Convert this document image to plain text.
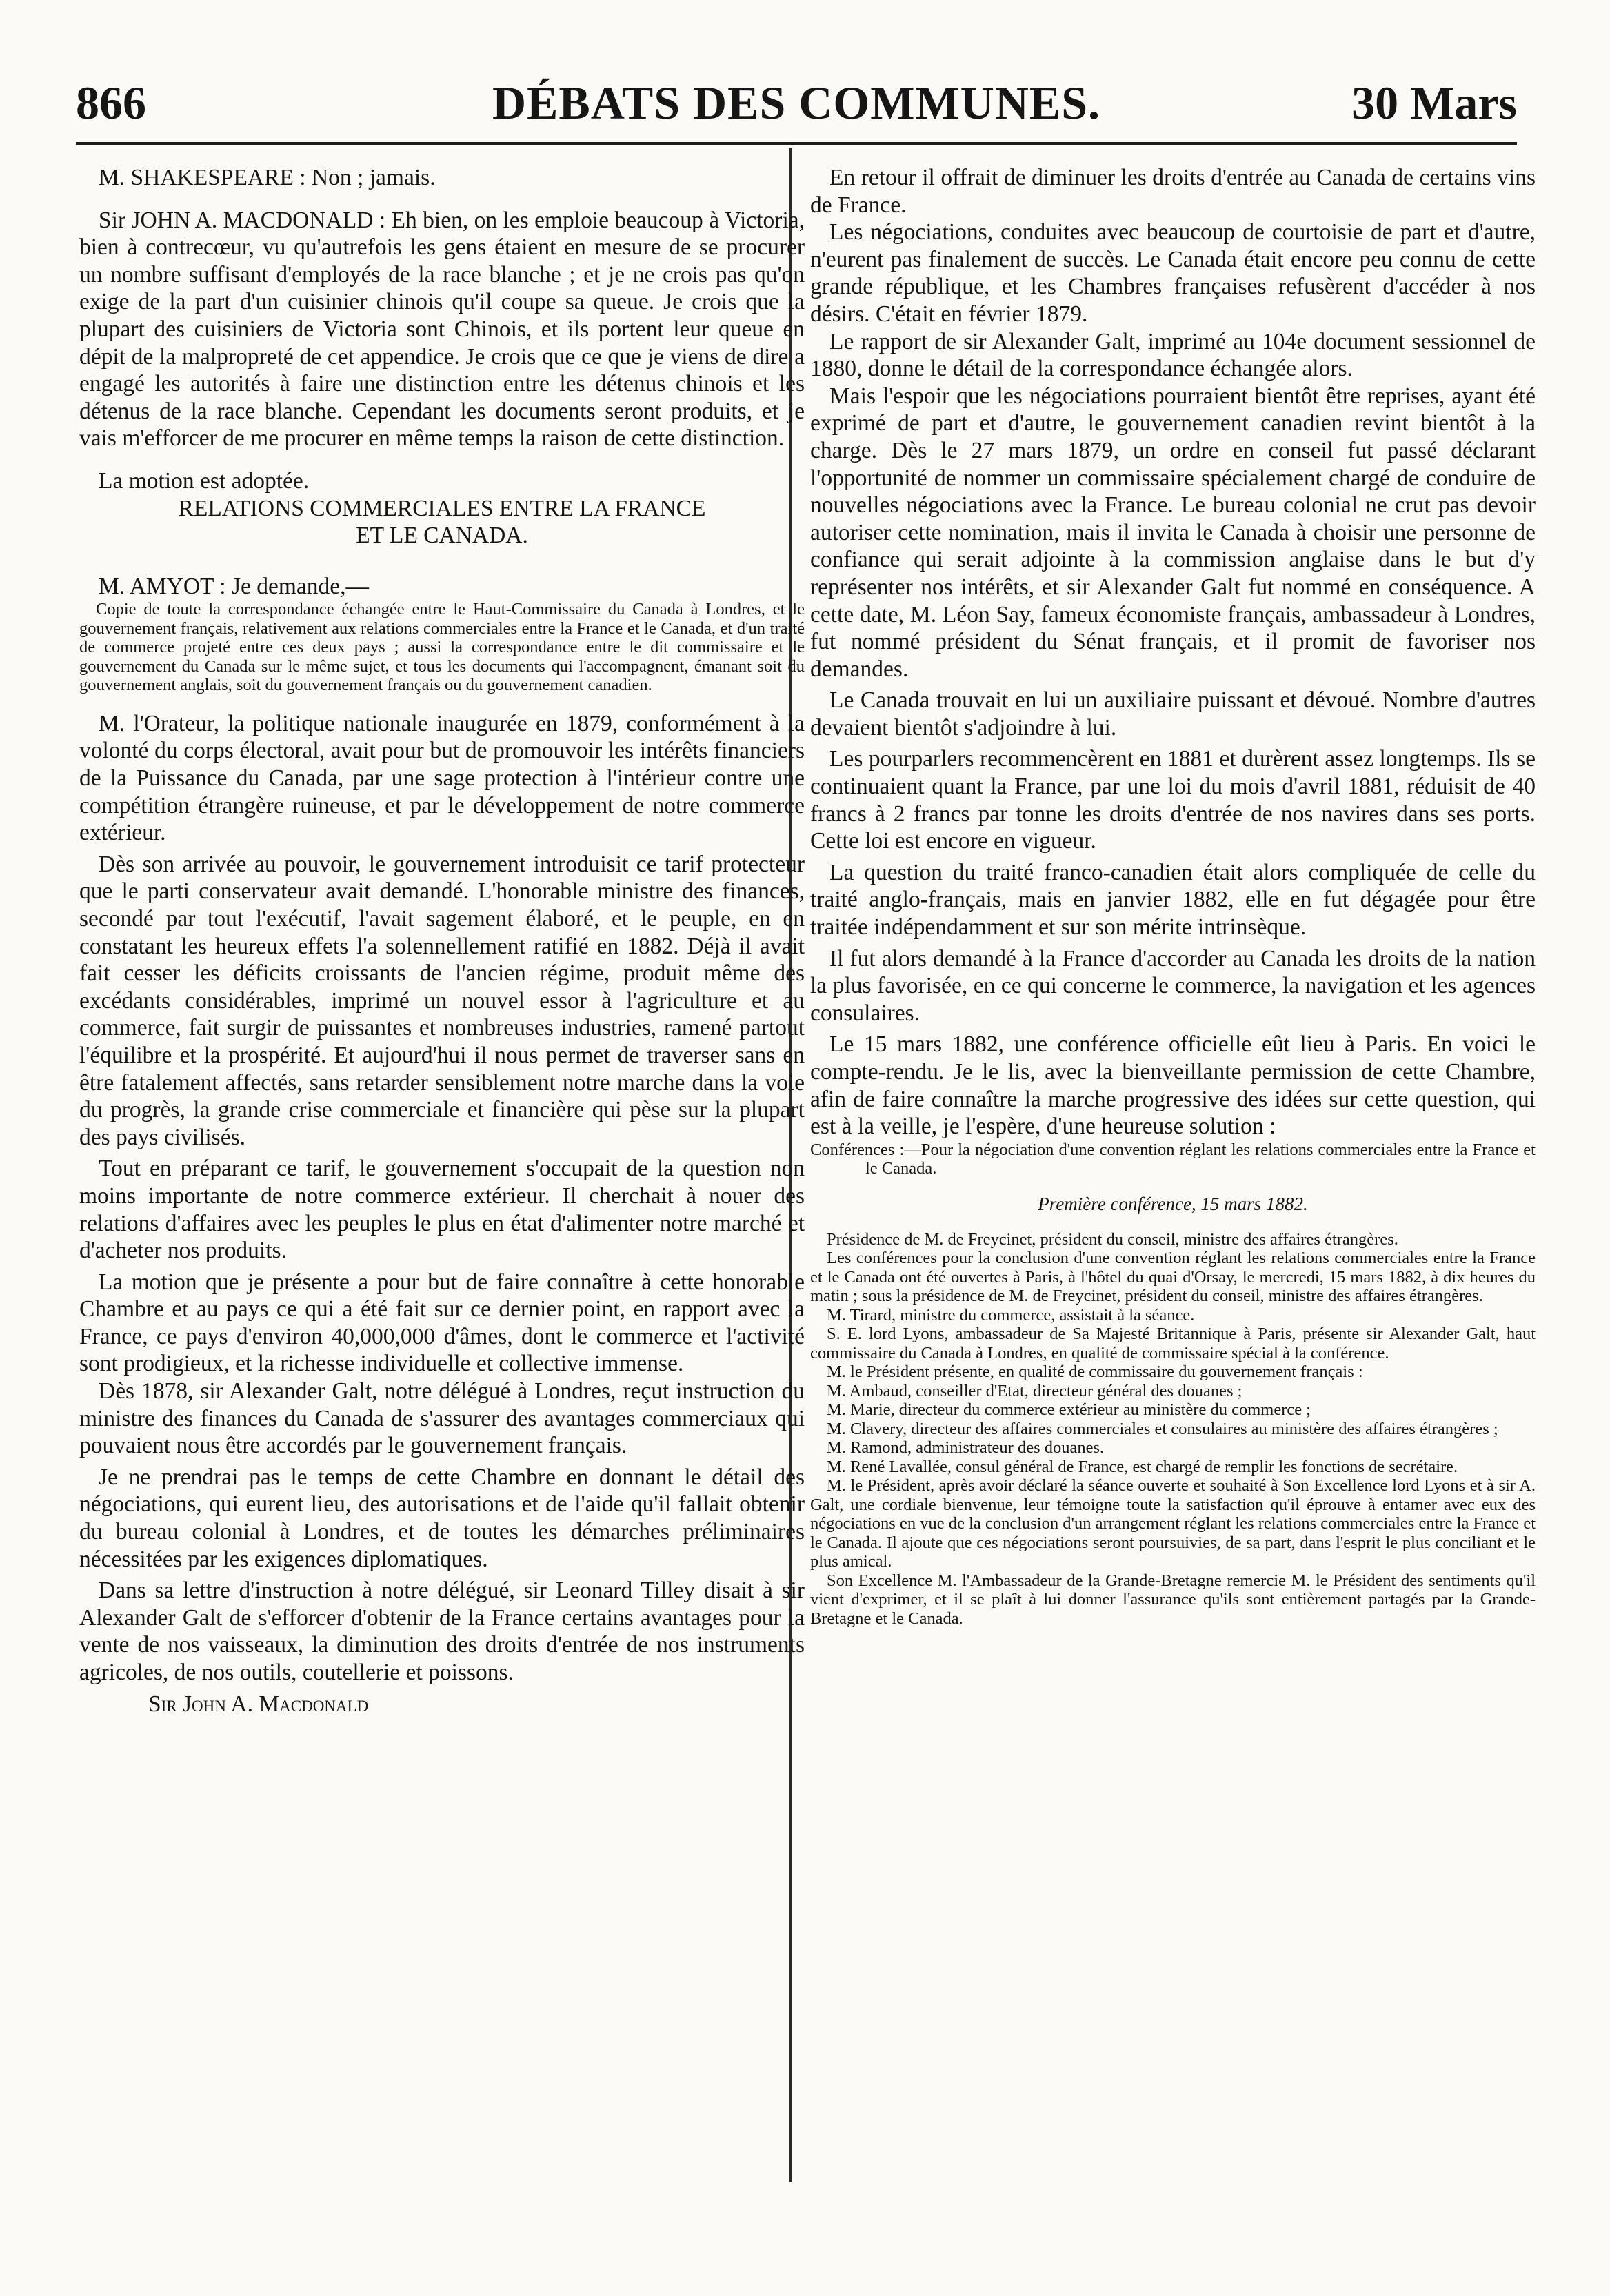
866	DÉBATS DES COMMUNES.	30 Mars

M. SHAKESPEARE : Non ; jamais.

Sir JOHN A. MACDONALD : Eh bien, on les emploie beaucoup à Victoria, bien à contrecœur, vu qu'autrefois les gens étaient en mesure de se procurer un nombre suffisant d'employés de la race blanche ; et je ne crois pas qu'on exige de la part d'un cuisinier chinois qu'il coupe sa queue. Je crois que la plupart des cuisiniers de Victoria sont Chinois, et ils portent leur queue en dépit de la malpropreté de cet appendice. Je crois que ce que je viens de dire a engagé les autorités à faire une distinction entre les détenus chinois et les détenus de la race blanche. Cependant les documents seront produits, et je vais m'efforcer de me procurer en même temps la raison de cette distinction.

La motion est adoptée.

RELATIONS COMMERCIALES ENTRE LA FRANCE

ET LE CANADA.

M. AMYOT : Je demande,—

Copie de toute la correspondance échangée entre le Haut-Commissaire du Canada à Londres, et le gouvernement français, relativement aux relations commerciales entre la France et le Canada, et d'un traité de commerce projeté entre ces deux pays ; aussi la correspondance entre le dit commissaire et le gouvernement du Canada sur le même sujet, et tous les documents qui l'accompagnent, émanant soit du gouvernement anglais, soit du gouvernement français ou du gouvernement canadien.

M. l'Orateur, la politique nationale inaugurée en 1879, conformément à la volonté du corps électoral, avait pour but de promouvoir les intérêts financiers de la Puissance du Canada, par une sage protection à l'intérieur contre une compétition étrangère ruineuse, et par le développement de notre commerce extérieur.

Dès son arrivée au pouvoir, le gouvernement introduisit ce tarif protecteur que le parti conservateur avait demandé. L'honorable ministre des finances, secondé par tout l'exécutif, l'avait sagement élaboré, et le peuple, en en constatant les heureux effets l'a solennellement ratifié en 1882. Déjà il avait fait cesser les déficits croissants de l'ancien régime, produit même des excédants considérables, imprimé un nouvel essor à l'agriculture et au commerce, fait surgir de puissantes et nombreuses industries, ramené partout l'équilibre et la prospérité. Et aujourd'hui il nous permet de traverser sans en être fatalement affectés, sans retarder sensiblement notre marche dans la voie du progrès, la grande crise commerciale et financière qui pèse sur la plupart des pays civilisés.

Tout en préparant ce tarif, le gouvernement s'occupait de la question non moins importante de notre commerce extérieur. Il cherchait à nouer des relations d'affaires avec les peuples le plus en état d'alimenter notre marché et d'acheter nos produits.

La motion que je présente a pour but de faire connaître à cette honorable Chambre et au pays ce qui a été fait sur ce dernier point, en rapport avec la France, ce pays d'environ 40,000,000 d'âmes, dont le commerce et l'activité sont prodigieux, et la richesse individuelle et collective immense.

Dès 1878, sir Alexander Galt, notre délégué à Londres, reçut instruction du ministre des finances du Canada de s'assurer des avantages commerciaux qui pouvaient nous être accordés par le gouvernement français.

Je ne prendrai pas le temps de cette Chambre en donnant le détail des négociations, qui eurent lieu, des autorisations et de l'aide qu'il fallait obtenir du bureau colonial à Londres, et de toutes les démarches préliminaires nécessitées par les exigences diplomatiques.

Dans sa lettre d'instruction à notre délégué, sir Leonard Tilley disait à sir Alexander Galt de s'efforcer d'obtenir de la France certains avantages pour la vente de nos vaisseaux, la diminution des droits d'entrée de nos instruments agricoles, de nos outils, coutellerie et poissons.

Sir John A. Macdonald

En retour il offrait de diminuer les droits d'entrée au Canada de certains vins de France.

Les négociations, conduites avec beaucoup de courtoisie de part et d'autre, n'eurent pas finalement de succès. Le Canada était encore peu connu de cette grande république, et les Chambres françaises refusèrent d'accéder à nos désirs. C'était en février 1879.

Le rapport de sir Alexander Galt, imprimé au 104e document sessionnel de 1880, donne le détail de la correspondance échangée alors.

Mais l'espoir que les négociations pourraient bientôt être reprises, ayant été exprimé de part et d'autre, le gouvernement canadien revint bientôt à la charge. Dès le 27 mars 1879, un ordre en conseil fut passé déclarant l'opportunité de nommer un commissaire spécialement chargé de conduire de nouvelles négociations avec la France. Le bureau colonial ne crut pas devoir autoriser cette nomination, mais il invita le Canada à choisir une personne de confiance qui serait adjointe à la commission anglaise dans le but d'y représenter nos intérêts, et sir Alexander Galt fut nommé en conséquence. A cette date, M. Léon Say, fameux économiste français, ambassadeur à Londres, fut nommé président du Sénat français, et il promit de favoriser nos demandes.

Le Canada trouvait en lui un auxiliaire puissant et dévoué. Nombre d'autres devaient bientôt s'adjoindre à lui.

Les pourparlers recommencèrent en 1881 et durèrent assez longtemps. Ils se continuaient quant la France, par une loi du mois d'avril 1881, réduisit de 40 francs à 2 francs par tonne les droits d'entrée de nos navires dans ses ports. Cette loi est encore en vigueur.

La question du traité franco-canadien était alors compliquée de celle du traité anglo-français, mais en janvier 1882, elle en fut dégagée pour être traitée indépendamment et sur son mérite intrinsèque.

Il fut alors demandé à la France d'accorder au Canada les droits de la nation la plus favorisée, en ce qui concerne le commerce, la navigation et les agences consulaires.

Le 15 mars 1882, une conférence officielle eût lieu à Paris. En voici le compte-rendu. Je le lis, avec la bienveillante permission de cette Chambre, afin de faire connaître la marche progressive des idées sur cette question, qui est à la veille, je l'espère, d'une heureuse solution :

Conférences :—Pour la négociation d'une convention réglant les relations commerciales entre la France et le Canada.

Première conférence, 15 mars 1882.

Présidence de M. de Freycinet, président du conseil, ministre des affaires étrangères.

Les conférences pour la conclusion d'une convention réglant les relations commerciales entre la France et le Canada ont été ouvertes à Paris, à l'hôtel du quai d'Orsay, le mercredi, 15 mars 1882, à dix heures du matin ; sous la présidence de M. de Freycinet, président du conseil, ministre des affaires étrangères.

M. Tirard, ministre du commerce, assistait à la séance.

S. E. lord Lyons, ambassadeur de Sa Majesté Britannique à Paris, présente sir Alexander Galt, haut commissaire du Canada à Londres, en qualité de commissaire spécial à la conférence.

M. le Président présente, en qualité de commissaire du gouvernement français :

M. Ambaud, conseiller d'Etat, directeur général des douanes ;

M. Marie, directeur du commerce extérieur au ministère du commerce ;

M. Clavery, directeur des affaires commerciales et consulaires au ministère des affaires étrangères ;

M. Ramond, administrateur des douanes.

M. René Lavallée, consul général de France, est chargé de remplir les fonctions de secrétaire.

M. le Président, après avoir déclaré la séance ouverte et souhaité à Son Excellence lord Lyons et à sir A. Galt, une cordiale bienvenue, leur témoigne toute la satisfaction qu'il éprouve à entamer avec eux des négociations en vue de la conclusion d'un arrangement réglant les relations commerciales entre la France et le Canada. Il ajoute que ces négociations seront poursuivies, de sa part, dans l'esprit le plus conciliant et le plus amical.

Son Excellence M. l'Ambassadeur de la Grande-Bretagne remercie M. le Président des sentiments qu'il vient d'exprimer, et il se plaît à lui donner l'assurance qu'ils sont entièrement partagés par la Grande-Bretagne et le Canada.
